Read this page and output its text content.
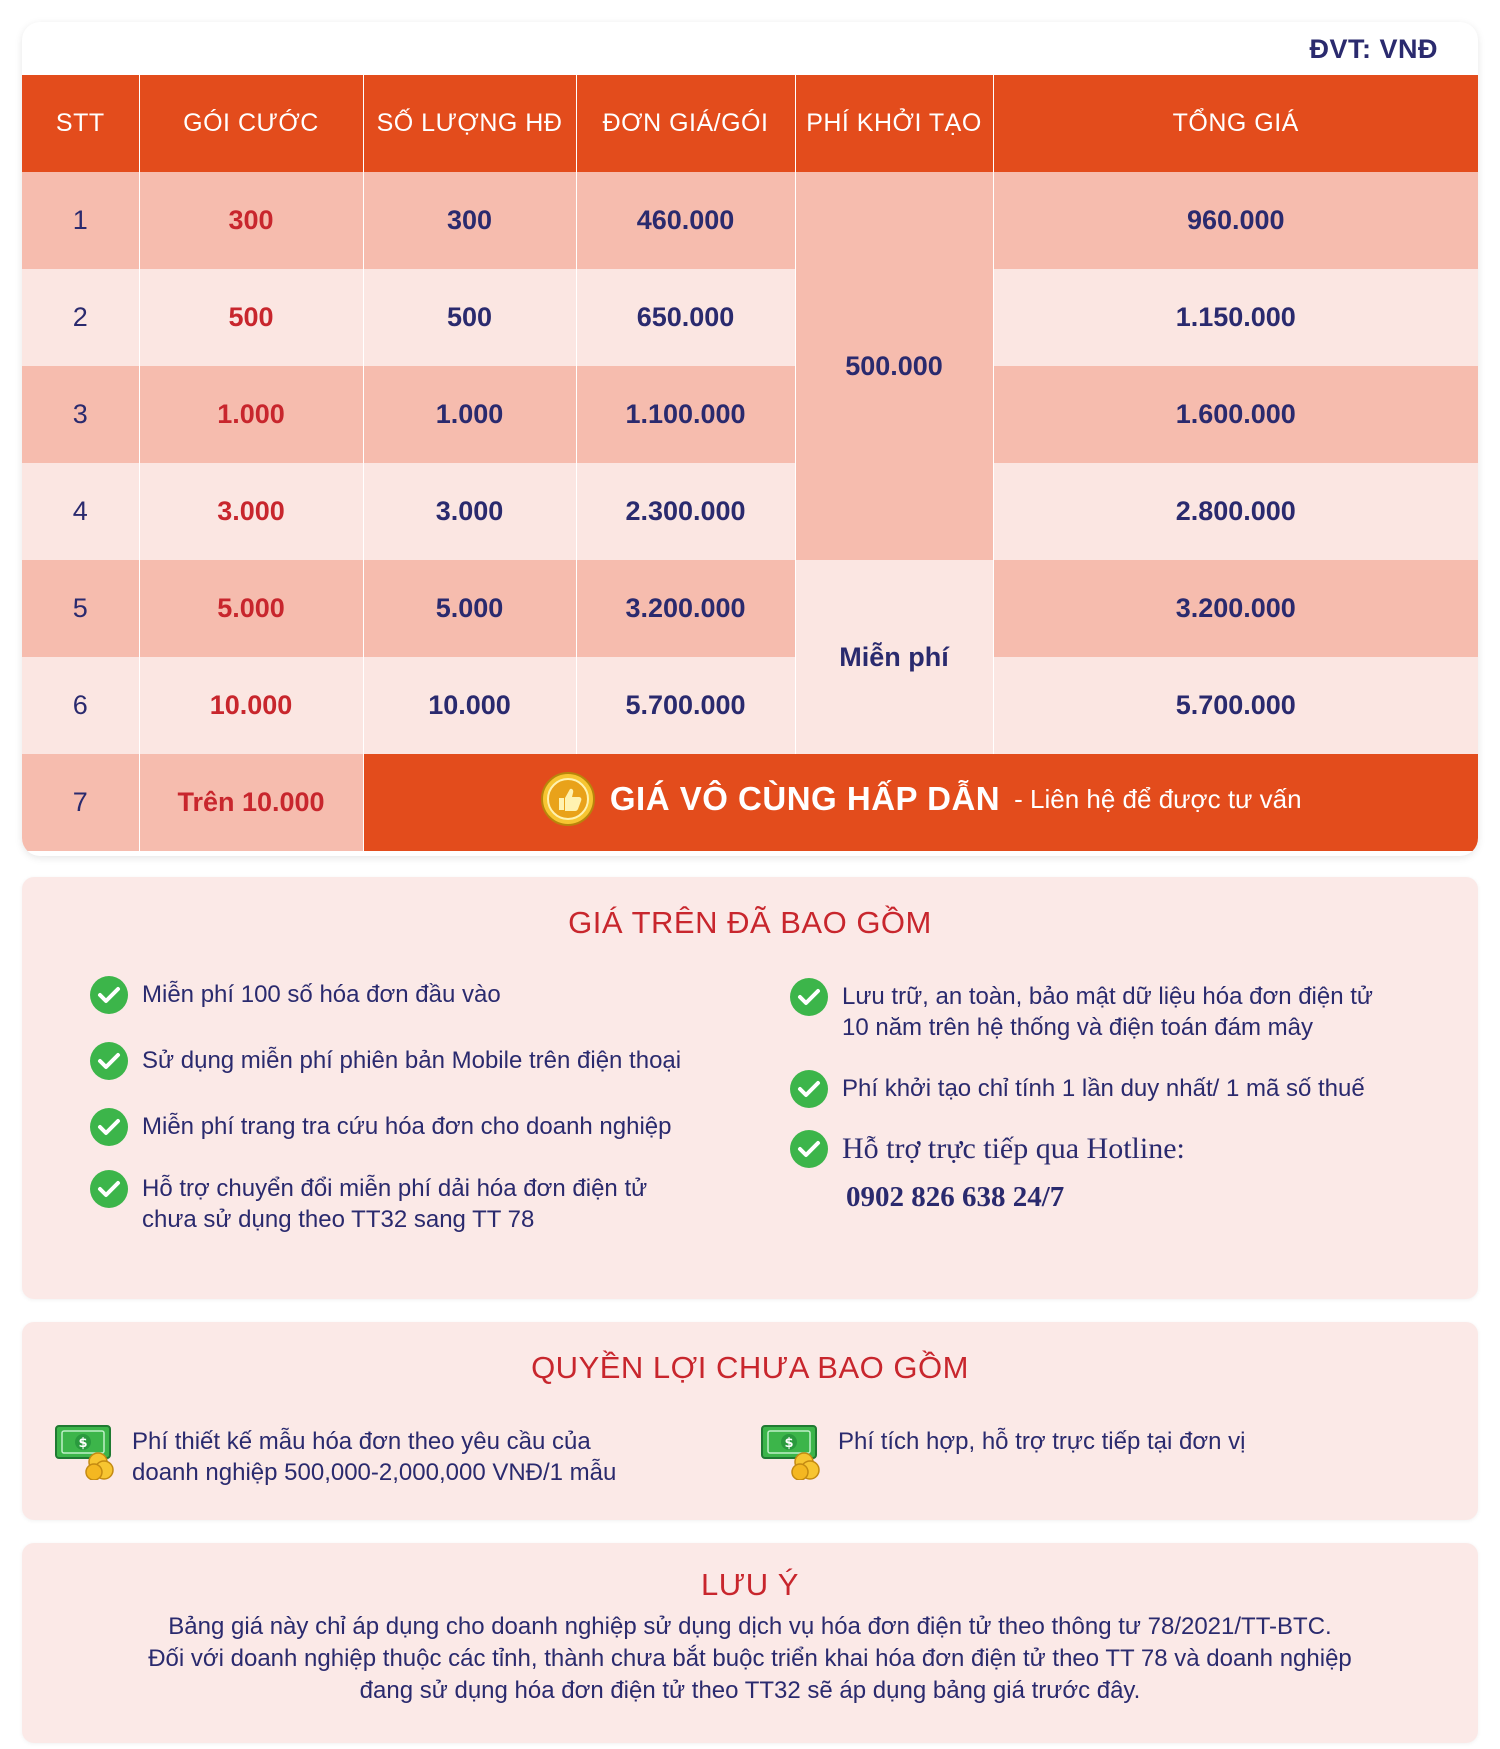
ĐVT: VNĐ
STT	GÓI CƯỚC	SỐ LƯỢNG HĐ	ĐƠN GIÁ/GÓI	PHÍ KHỞI TẠO	TỔNG GIÁ
1	300	300	460.000	500.000	960.000
2	500	500	650.000		1.150.000
3	1.000	1.000	1.100.000		1.600.000
4	3.000	3.000	2.300.000		2.800.000
5	5.000	5.000	3.200.000	Miễn phí	3.200.000
6	10.000	10.000	5.700.000		5.700.000
7	Trên 10.000	GIÁ VÔ CÙNG HẤP DẪN - Liên hệ để được tư vấn			
GIÁ TRÊN ĐÃ BAO GỒM
Miễn phí 100 số hóa đơn đầu vào
Sử dụng miễn phí phiên bản Mobile trên điện thoại
Miễn phí trang tra cứu hóa đơn cho doanh nghiệp
Hỗ trợ chuyển đổi miễn phí dải hóa đơn điện tử
chưa sử dụng theo TT32 sang TT 78
Lưu trữ, an toàn, bảo mật dữ liệu hóa đơn điện tử
10 năm trên hệ thống và điện toán đám mây
Phí khởi tạo chỉ tính 1 lần duy nhất/ 1 mã số thuế
Hỗ trợ trực tiếp qua Hotline:
0902 826 638 24/7
QUYỀN LỢI CHƯA BAO GỒM
$ Phí thiết kế mẫu hóa đơn theo yêu cầu của
doanh nghiệp 500,000-2,000,000 VNĐ/1 mẫu
$ Phí tích hợp, hỗ trợ trực tiếp tại đơn vị
LƯU Ý
Bảng giá này chỉ áp dụng cho doanh nghiệp sử dụng dịch vụ hóa đơn điện tử theo thông tư 78/2021/TT-BTC.
Đối với doanh nghiệp thuộc các tỉnh, thành chưa bắt buộc triển khai hóa đơn điện tử theo TT 78 và doanh nghiệp
đang sử dụng hóa đơn điện tử theo TT32 sẽ áp dụng bảng giá trước đây.
